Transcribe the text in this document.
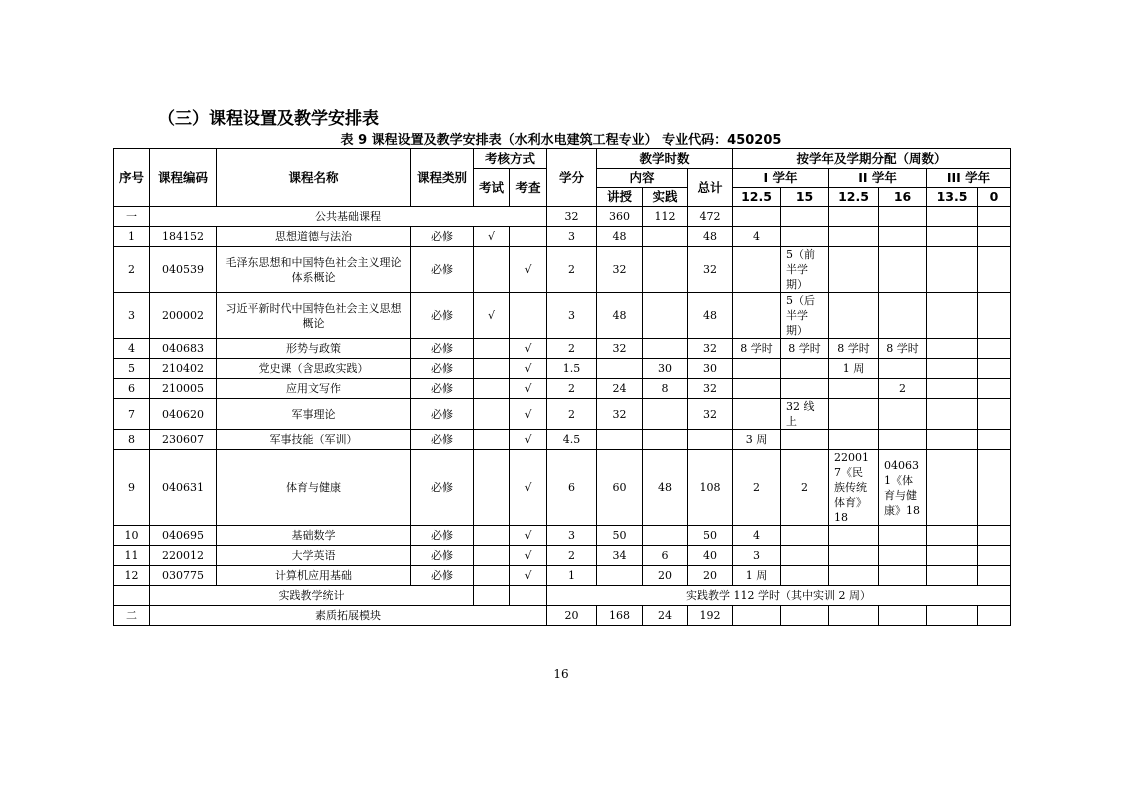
（三）课程设置及教学安排表
表 9 课程设置及教学安排表（水利水电建筑工程专业） 专业代码：450205
序号	课程编码	课程名称	课程类别	考核方式		学分	教学时数			按学年及学期分配（周数）					
				考试	考查		内容		总计	I 学年		II 学年		III 学年	
							讲授	实践		12.5	15	12.5	16	13.5	0
一	公共基础课程					32	360	112	472						
1	184152	思想道德与法治	必修	√		3	48		48	4					
2	040539	毛泽东思想和中国特色社会主义理论体系概论	必修		√	2	32		32		5（前半学期）				
3	200002	习近平新时代中国特色社会主义思想概论	必修	√		3	48		48		5（后半学期）				
4	040683	形势与政策	必修		√	2	32		32	8 学时	8 学时	8 学时	8 学时		
5	210402	党史课（含思政实践）	必修		√	1.5		30	30			1 周			
6	210005	应用文写作	必修		√	2	24	8	32				2		
7	040620	军事理论	必修		√	2	32		32		32 线上				
8	230607	军事技能（军训）	必修		√	4.5				3 周					
9	040631	体育与健康	必修		√	6	60	48	108	2	2	220017《民族传统体育》18	040631《体育与健康》18		
10	040695	基础数学	必修		√	3	50		50	4					
11	220012	大学英语	必修		√	2	34	6	40	3					
12	030775	计算机应用基础	必修		√	1		20	20	1 周					
	实践教学统计					实践教学 112 学时（其中实训 2 周）									
二	素质拓展模块					20	168	24	192						
16
